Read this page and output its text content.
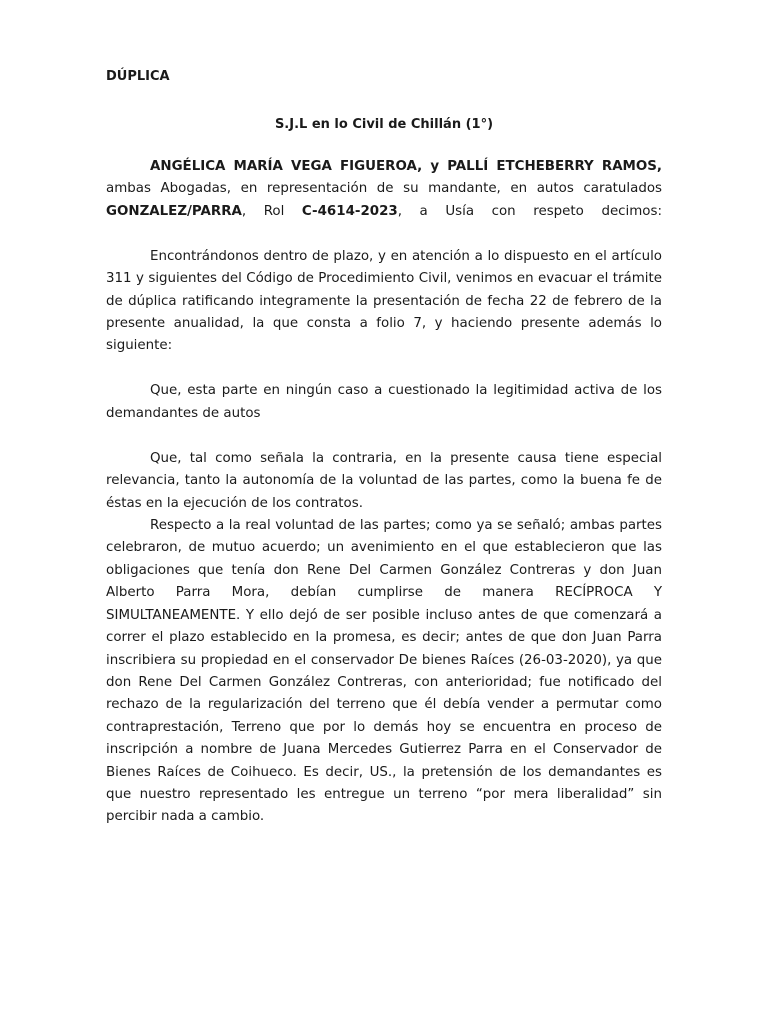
DÚPLICA
S.J.L en lo Civil de Chillán (1°)

ANGÉLICA MARÍA VEGA FIGUEROA, y PALLÍ ETCHEBERRY RAMOS, ambas Abogadas, en representación de su mandante, en autos caratulados GONZALEZ/PARRA, Rol C-4614-2023, a Usía con respeto decimos:

Encontrándonos dentro de plazo, y en atención a lo dispuesto en el artículo 311 y siguientes del Código de Procedimiento Civil, venimos en evacuar el trámite de dúplica ratificando integramente la presentación de fecha 22 de febrero de la presente anualidad, la que consta a folio 7, y haciendo presente además lo siguiente:

Que, esta parte en ningún caso a cuestionado la legitimidad activa de los demandantes de autos

Que, tal como señala la contraria, en la presente causa tiene especial relevancia, tanto la autonomía de la voluntad de las partes, como la buena fe de éstas en la ejecución de los contratos.

Respecto a la real voluntad de las partes; como ya se señaló; ambas partes celebraron, de mutuo acuerdo; un avenimiento en el que establecieron que las obligaciones que tenía don Rene Del Carmen González Contreras y don Juan Alberto Parra Mora, debían cumplirse de manera RECÍPROCA Y SIMULTANEAMENTE. Y ello dejó de ser posible incluso antes de que comenzará a correr el plazo establecido en la promesa, es decir; antes de que don Juan Parra inscribiera su propiedad en el conservador De bienes Raíces (26-03-2020), ya que don Rene Del Carmen González Contreras, con anterioridad; fue notificado del rechazo de la regularización del terreno que él debía vender a permutar como contraprestación, Terreno que por lo demás hoy se encuentra en proceso de inscripción a nombre de Juana Mercedes Gutierrez Parra en el Conservador de Bienes Raíces de Coihueco. Es decir, US., la pretensión de los demandantes es que nuestro representado les entregue un terreno “por mera liberalidad” sin percibir nada a cambio.
